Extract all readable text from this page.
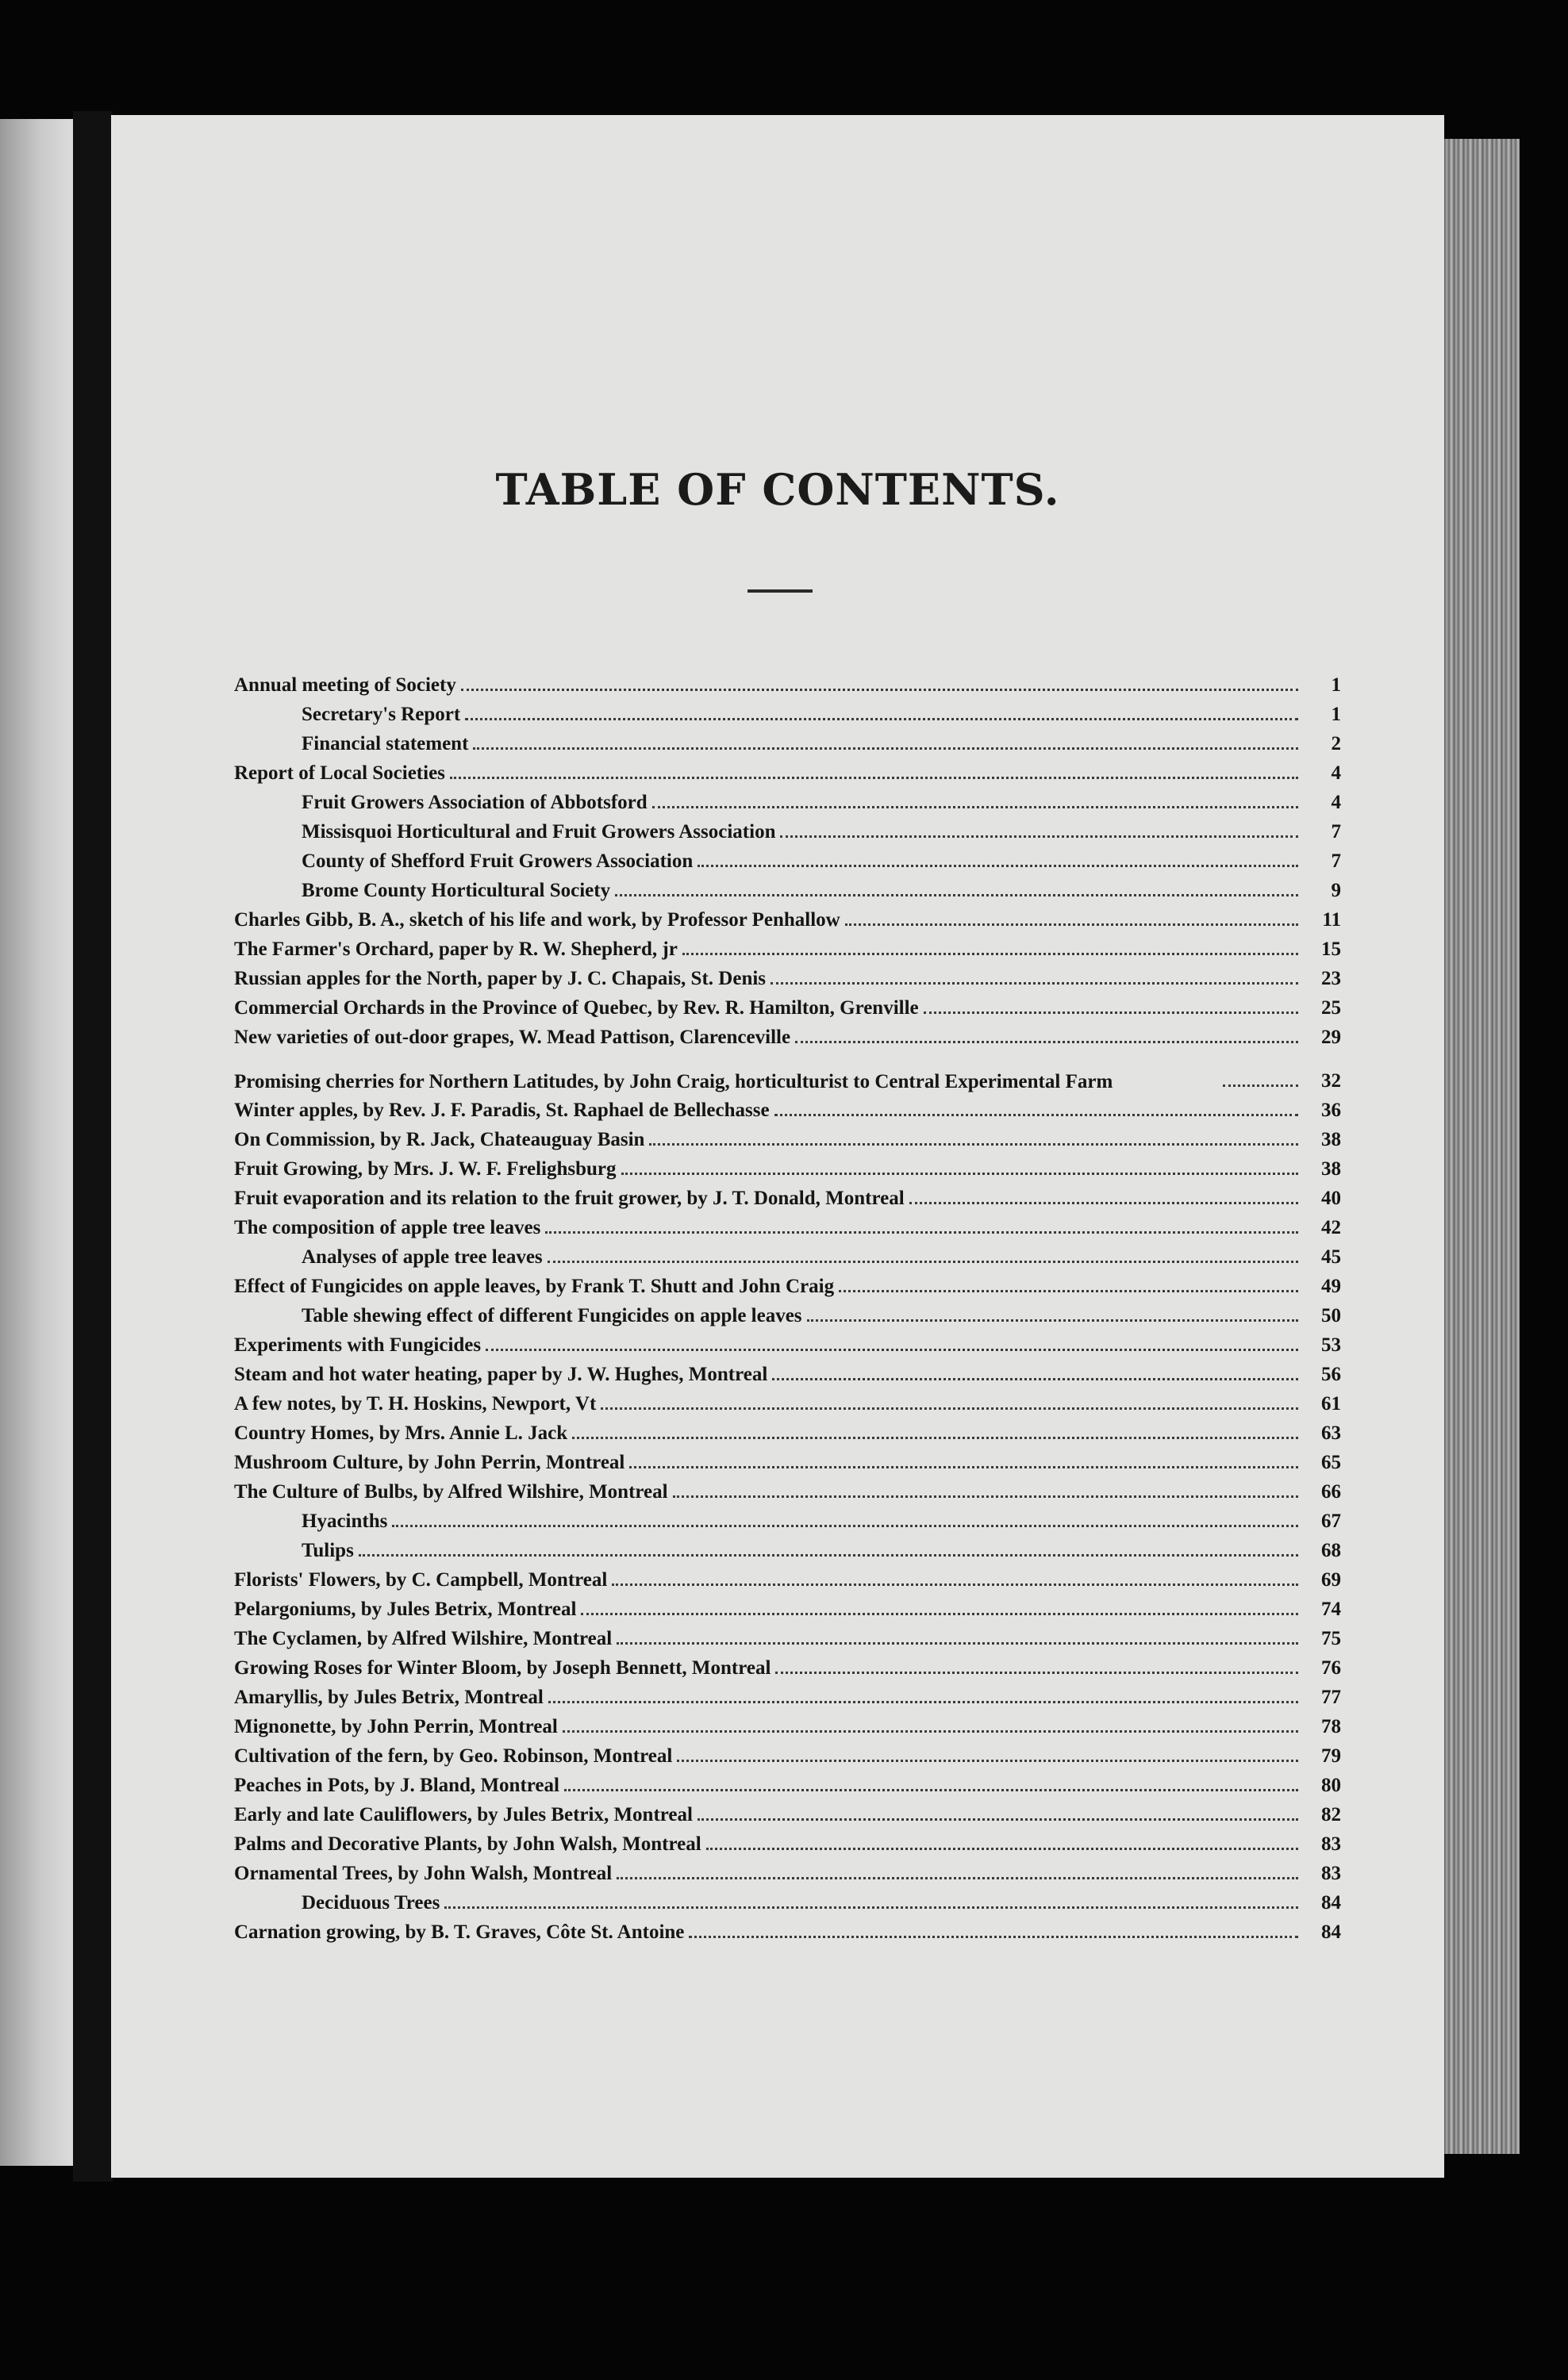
TABLE OF CONTENTS.
Annual meeting of Society	1
Secretary's Report	1
Financial statement	2
Report of Local Societies	4
Fruit Growers Association of Abbotsford	4
Missisquoi Horticultural and Fruit Growers Association	7
County of Shefford Fruit Growers Association	7
Brome County Horticultural Society	9
Charles Gibb, B. A., sketch of his life and work, by Professor Penhallow	11
The Farmer's Orchard, paper by R. W. Shepherd, jr	15
Russian apples for the North, paper by J. C. Chapais, St. Denis	23
Commercial Orchards in the Province of Quebec, by Rev. R. Hamilton, Grenville	25
New varieties of out-door grapes, W. Mead Pattison, Clarenceville	29
Promising cherries for Northern Latitudes, by John Craig, horticulturist to Central Experimental Farm	32
Winter apples, by Rev. J. F. Paradis, St. Raphael de Bellechasse	36
On Commission, by R. Jack, Chateauguay Basin	38
Fruit Growing, by Mrs. J. W. F. Frelighsburg	38
Fruit evaporation and its relation to the fruit grower, by J. T. Donald, Montreal	40
The composition of apple tree leaves	42
Analyses of apple tree leaves	45
Effect of Fungicides on apple leaves, by Frank T. Shutt and John Craig	49
Table shewing effect of different Fungicides on apple leaves	50
Experiments with Fungicides	53
Steam and hot water heating, paper by J. W. Hughes, Montreal	56
A few notes, by T. H. Hoskins, Newport, Vt	61
Country Homes, by Mrs. Annie L. Jack	63
Mushroom Culture, by John Perrin, Montreal	65
The Culture of Bulbs, by Alfred Wilshire, Montreal	66
Hyacinths	67
Tulips	68
Florists' Flowers, by C. Campbell, Montreal	69
Pelargoniums, by Jules Betrix, Montreal	74
The Cyclamen, by Alfred Wilshire, Montreal	75
Growing Roses for Winter Bloom, by Joseph Bennett, Montreal	76
Amaryllis, by Jules Betrix, Montreal	77
Mignonette, by John Perrin, Montreal	78
Cultivation of the fern, by Geo. Robinson, Montreal	79
Peaches in Pots, by J. Bland, Montreal	80
Early and late Cauliflowers, by Jules Betrix, Montreal	82
Palms and Decorative Plants, by John Walsh, Montreal	83
Ornamental Trees, by John Walsh, Montreal	83
Deciduous Trees	84
Carnation growing, by B. T. Graves, Côte St. Antoine	84
